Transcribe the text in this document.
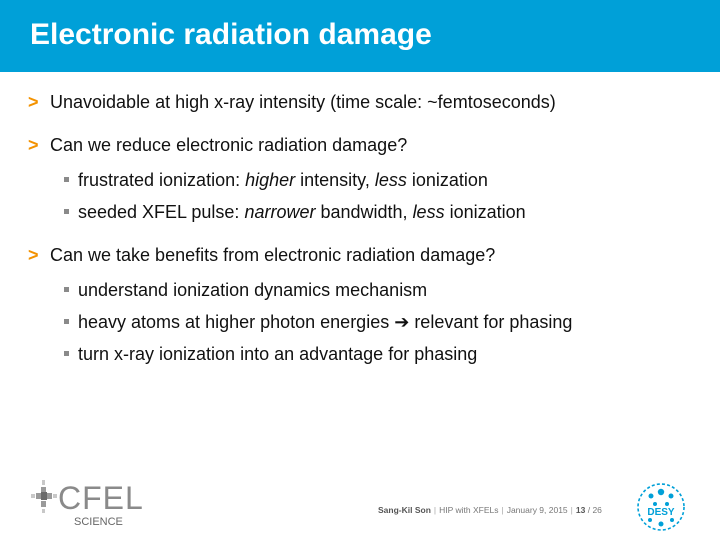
Electronic radiation damage
> Unavoidable at high x-ray intensity (time scale: ~femtoseconds)
> Can we reduce electronic radiation damage?
frustrated ionization: higher intensity, less ionization
seeded XFEL pulse: narrower bandwidth, less ionization
> Can we take benefits from electronic radiation damage?
understand ionization dynamics mechanism
heavy atoms at higher photon energies ➔ relevant for phasing
turn x-ray ionization into an advantage for phasing
CFEL
SCIENCE
Sang-Kil Son | HIP with XFELs | January 9, 2015 | 13 / 26	DESY
